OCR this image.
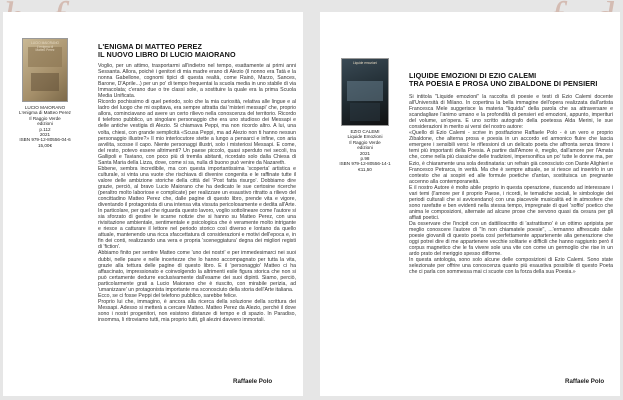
LUCIO MAIORANO
L'enigma di
Matteo Perez
LUCIO MAIORANO
L'enigma di Matteo Perez
Il Raggio Verde
edizioni
p.112
2021
ISBN 979-12-80556-04-6
15,00€
L'ENIGMA DI MATTEO PEREZ
IL NUOVO LIBRO DI LUCIO MAIORANO

Voglio, per un attimo, trasportarmi all'indietro nel tempo, esattamente ai primi anni Sessanta. Allora, poiché i genitori di mia madre erano di Alezio (il nonno era Tatà e la nonna Gabellone, cognomi tipici di questa realtà, come Rainò, Marzo, Sances, Barone, D'Aprile...) per un po' di tempo frequentai la scuola media in uno stabile di via Immacolata; c'erano due o tre classi sole, a sostituire la quale era la prima Scuola Media Unificata.

Ricordo pochissimo di quel periodo, solo che la mia curiosità, relativa alle lingue e al ladro del luogo che mi ospitava, era sempre attratta dai 'misteri messapi' che, proprio allora, cominciavano ad avere un certo rilievo nella conoscenza del territorio. Ricordo il telefono pubblico, un singolare personaggio che era uno studioso dei Messapi e delle antiche vestigia di Alezio. Si chiamava Peppi, ma non ricordo altro. A lui, una volta, chiesi, con grande semplicità «Scusa Peppi, ma ad Alezio non ti hanno nessun personaggio illustre?» Il mio interlocutore stette a lungo a pensarci e infine, con aria avvilita, scosse il capo. Niente personaggi illustri, solo i misteriosi Messapi. E come, del resto, potevo essere altrimenti? Un paese piccolo, quasi sperduto nei secoli, tra Gallipoli e Taviano, con poco più di tremila abitanti, ricordato solo dalla Chiesa di Santa Maria della Lizza, dove, come si sa, nulla di buono può venire da Nazareth.

Ebbene, sembra incredibile, ma con questa importantissima 'scoperta' artistica e culturale, si vinta una vuote che rischiava di divenire congenita e le raffinate tutte il valore delle ambizione storiche della città del 'Post fatta risurgo'. Dobbiamo dire grazie, perciò, al bravo Lucio Maiorano che ha dedicato le sue certosine ricerche (peraltro molto laboriose e complicate) per realizzare un esaustivo ritratto a rilievo del concittadino Matteo Perez che, dalle pagine di questo libro, prende vita e vigore, diventando il protagonista di una intensa vita vissuta pericolosamente e dedita all'Arte. In particolare, per quel che riguarda questo lavoro, voglio sottolineare come l'autore si sia sforzato di gestire le scarne notizie che si hanno su Matteo Perez, con una rivisitazione ambientale, sentimentale e psicologica che è veramente molto intrigante e riesce a catturare il lettore nel periodo storico così diverso e lontano da quello attuale, mantenendo una ricca sfaccettatura di considerazioni e motivi dell'epoca e, in fin dei conti, realizzando una vera e propria 'sceneggiatura' degna dei migliori registi di 'fiction'.

Abbiamo finito per sentire Matteo come 'uno dei nostri' e per immedesimarci nei suoi dubbi, nelle paure e nelle incertezze che lo hanno accompagnato per tutta la vita, grazie alla tettura delle pagine di questo libro. E il 'personaggio' Matteo ci ha affascinato, impressionato e coinvolgendo la altrimenti esile figura storica che non si può certamente dedurre esclusivamente dall'esame dei suoi dipinti. Siamo, perciò, particolarmente grati a Lucio Maiorano che è riuscito, con mirabile perizia, ad 'umanizzare' un protagonista importante ma sconosciuto della storia dell'Arte italiana.

Ecco, se ci fosse Peppi del telefono pubblico, sarebbe felice.

Proprio lui che, immagino, è ancora alla ricerca della soluzione della scrittura dei Messapi. Adesso si metterà a cercare Matteo. Matteo Perez da Alezio, perché il dove sono i nostri progenitori, non esistono distanze di tempo e di spazio. In Paradiso, insomma, li ritroviamo tutti, mia proprio tutti, gli alezini davvero immortali.

Raffaele Polo
Liquide emozioni
EZIO CALEMI
Liquide Emozioni
Il Raggio Verde
edizioni
2021
p.98
ISBN 979-12-80556-14-1
€11,50
LIQUIDE EMOZIONI DI EZIO CALEMI
TRA POESIA E PROSA UNO ZIBALDONE DI PENSIERI

Si intitola "Liquide emozioni" la raccolta di poesie e testi di Ezio Calemi docente all'Università di Milano. In copertina la bella immagine dell'opera realizzata dall'artista Francesca Mele suggerisce la materia "liquida" della parola che sa attraversare e scandagliare l'animo umano e la profondità di pensieri ed emozioni, appunto, imperituri del volume, un'opera. E uno scritto autografo della poetessa Alda Merini, le sue considerazioni in merito ai versi del nostro autore:

«Quello di Ezio Calemi - scrive in postfazione Raffaele Polo - è un vero e proprio Zibaldone, che alterna prosa e poesia in un accordo ed armonico fluire che lascia emergere i sensibili versi: le riflessioni di un delicato poeta che affronta senza timore i temi più importanti della Poesia. A partire dall'Amore è, meglio, dall'amore per l'Amata che, come nella più classiche delle tradizioni, impersonifica un po' tutte le donne ma, per Ezio, è chiaramente una sola destinataria: un refrain già conosciuto con Dante Alighieri e Francesco Petrarca, in verità. Ma che è sempre attuale, se si riesce ad inserirlo in un contesto che ai sospiri ed alle formule poetiche d'antan, sostituisca un pregnante accenno alla contemporaneità.

E il nostro Autore è molto abile proprio in questa operazione, riuscendo ad interessare i vari temi (l'amore per il proprio Paese, i ricordi, le tematiche sociali, le simbologie dei periodi culturali che si avvicendano) con una piacevole musicalità ed in atmosfere che sono rarefatte e ben evidenti nella stessa tempo, impregnate di quel 'soffio' poetico che anima le composizioni, alternate ad alcune prose che servono quasi da cesura per gli affiati poetici.

Da osservare che l'incipit con un dattilioscritto di 'astrattismo' è un ottimo apripista per meglio conoscere l'autore di "In non chiamatele poesie", ...'ermanno affrescato dalle poesie giovanili di questo poeta così perfettamente appartenente alla generazione che oggi potrei dire di me appartenere vecchie solitarie e difficili che hanno raggiunto però il corpus magnetico che le fa vivere sole una vite con come un germoglio che rise in un ardo prato del meriggio spesso difforme.

In questa antologia, sono solo alcune delle composizioni di Ezio Calemi. Sono state selezionate per offrire una conoscenza quanto più esaustiva possibile di questo Poeta che ci parla con sommessa mai ci scuote con la forza della sua Poesia.»

Raffaele Polo
